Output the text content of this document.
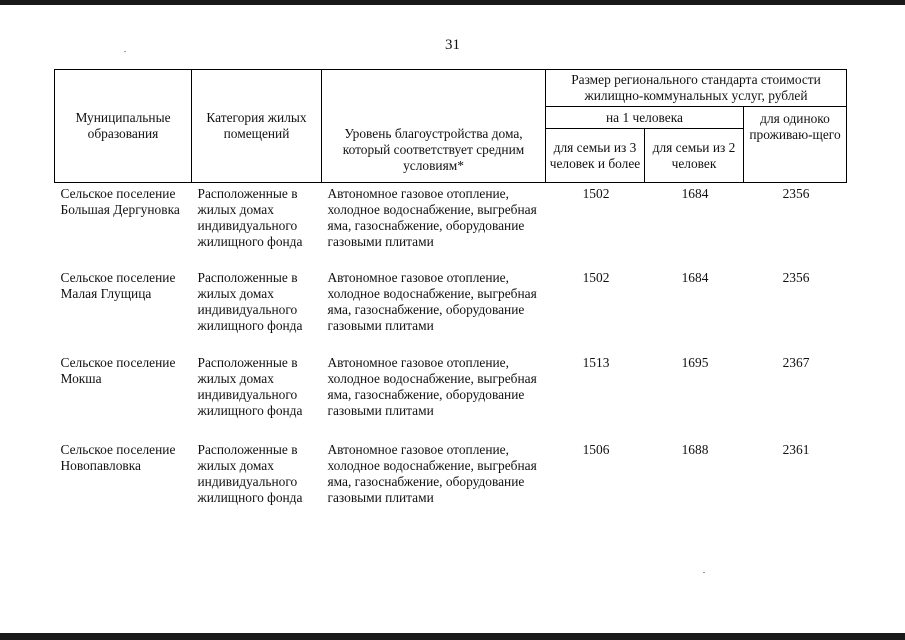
31
Муниципальные образования	Категория жилых помещений	Уровень благоустройства дома, который соответствует средним условиям*	Размер регионального стандарта стоимости жилищно-коммунальных услуг, рублей		
			на 1 человека		для одиноко проживаю-щего
			для семьи из 3 человек и более	для семьи из 2 человек	
Сельское поселение Большая Дергуновка	Расположенные в жилых домах индивидуального жилищного фонда	Автономное газовое отопление, холодное водоснабжение, выгребная яма, газоснабжение, оборудование газовыми плитами	1502	1684	2356
Сельское поселение Малая Глущица	Расположенные в жилых домах индивидуального жилищного фонда	Автономное газовое отопление, холодное водоснабжение, выгребная яма, газоснабжение, оборудование газовыми плитами	1502	1684	2356
Сельское поселение Мокша	Расположенные в жилых домах индивидуального жилищного фонда	Автономное газовое отопление, холодное водоснабжение, выгребная яма, газоснабжение, оборудование газовыми плитами	1513	1695	2367
Сельское поселение Новопавловка	Расположенные в жилых домах индивидуального жилищного фонда	Автономное газовое отопление, холодное водоснабжение, выгребная яма, газоснабжение, оборудование газовыми плитами	1506	1688	2361
